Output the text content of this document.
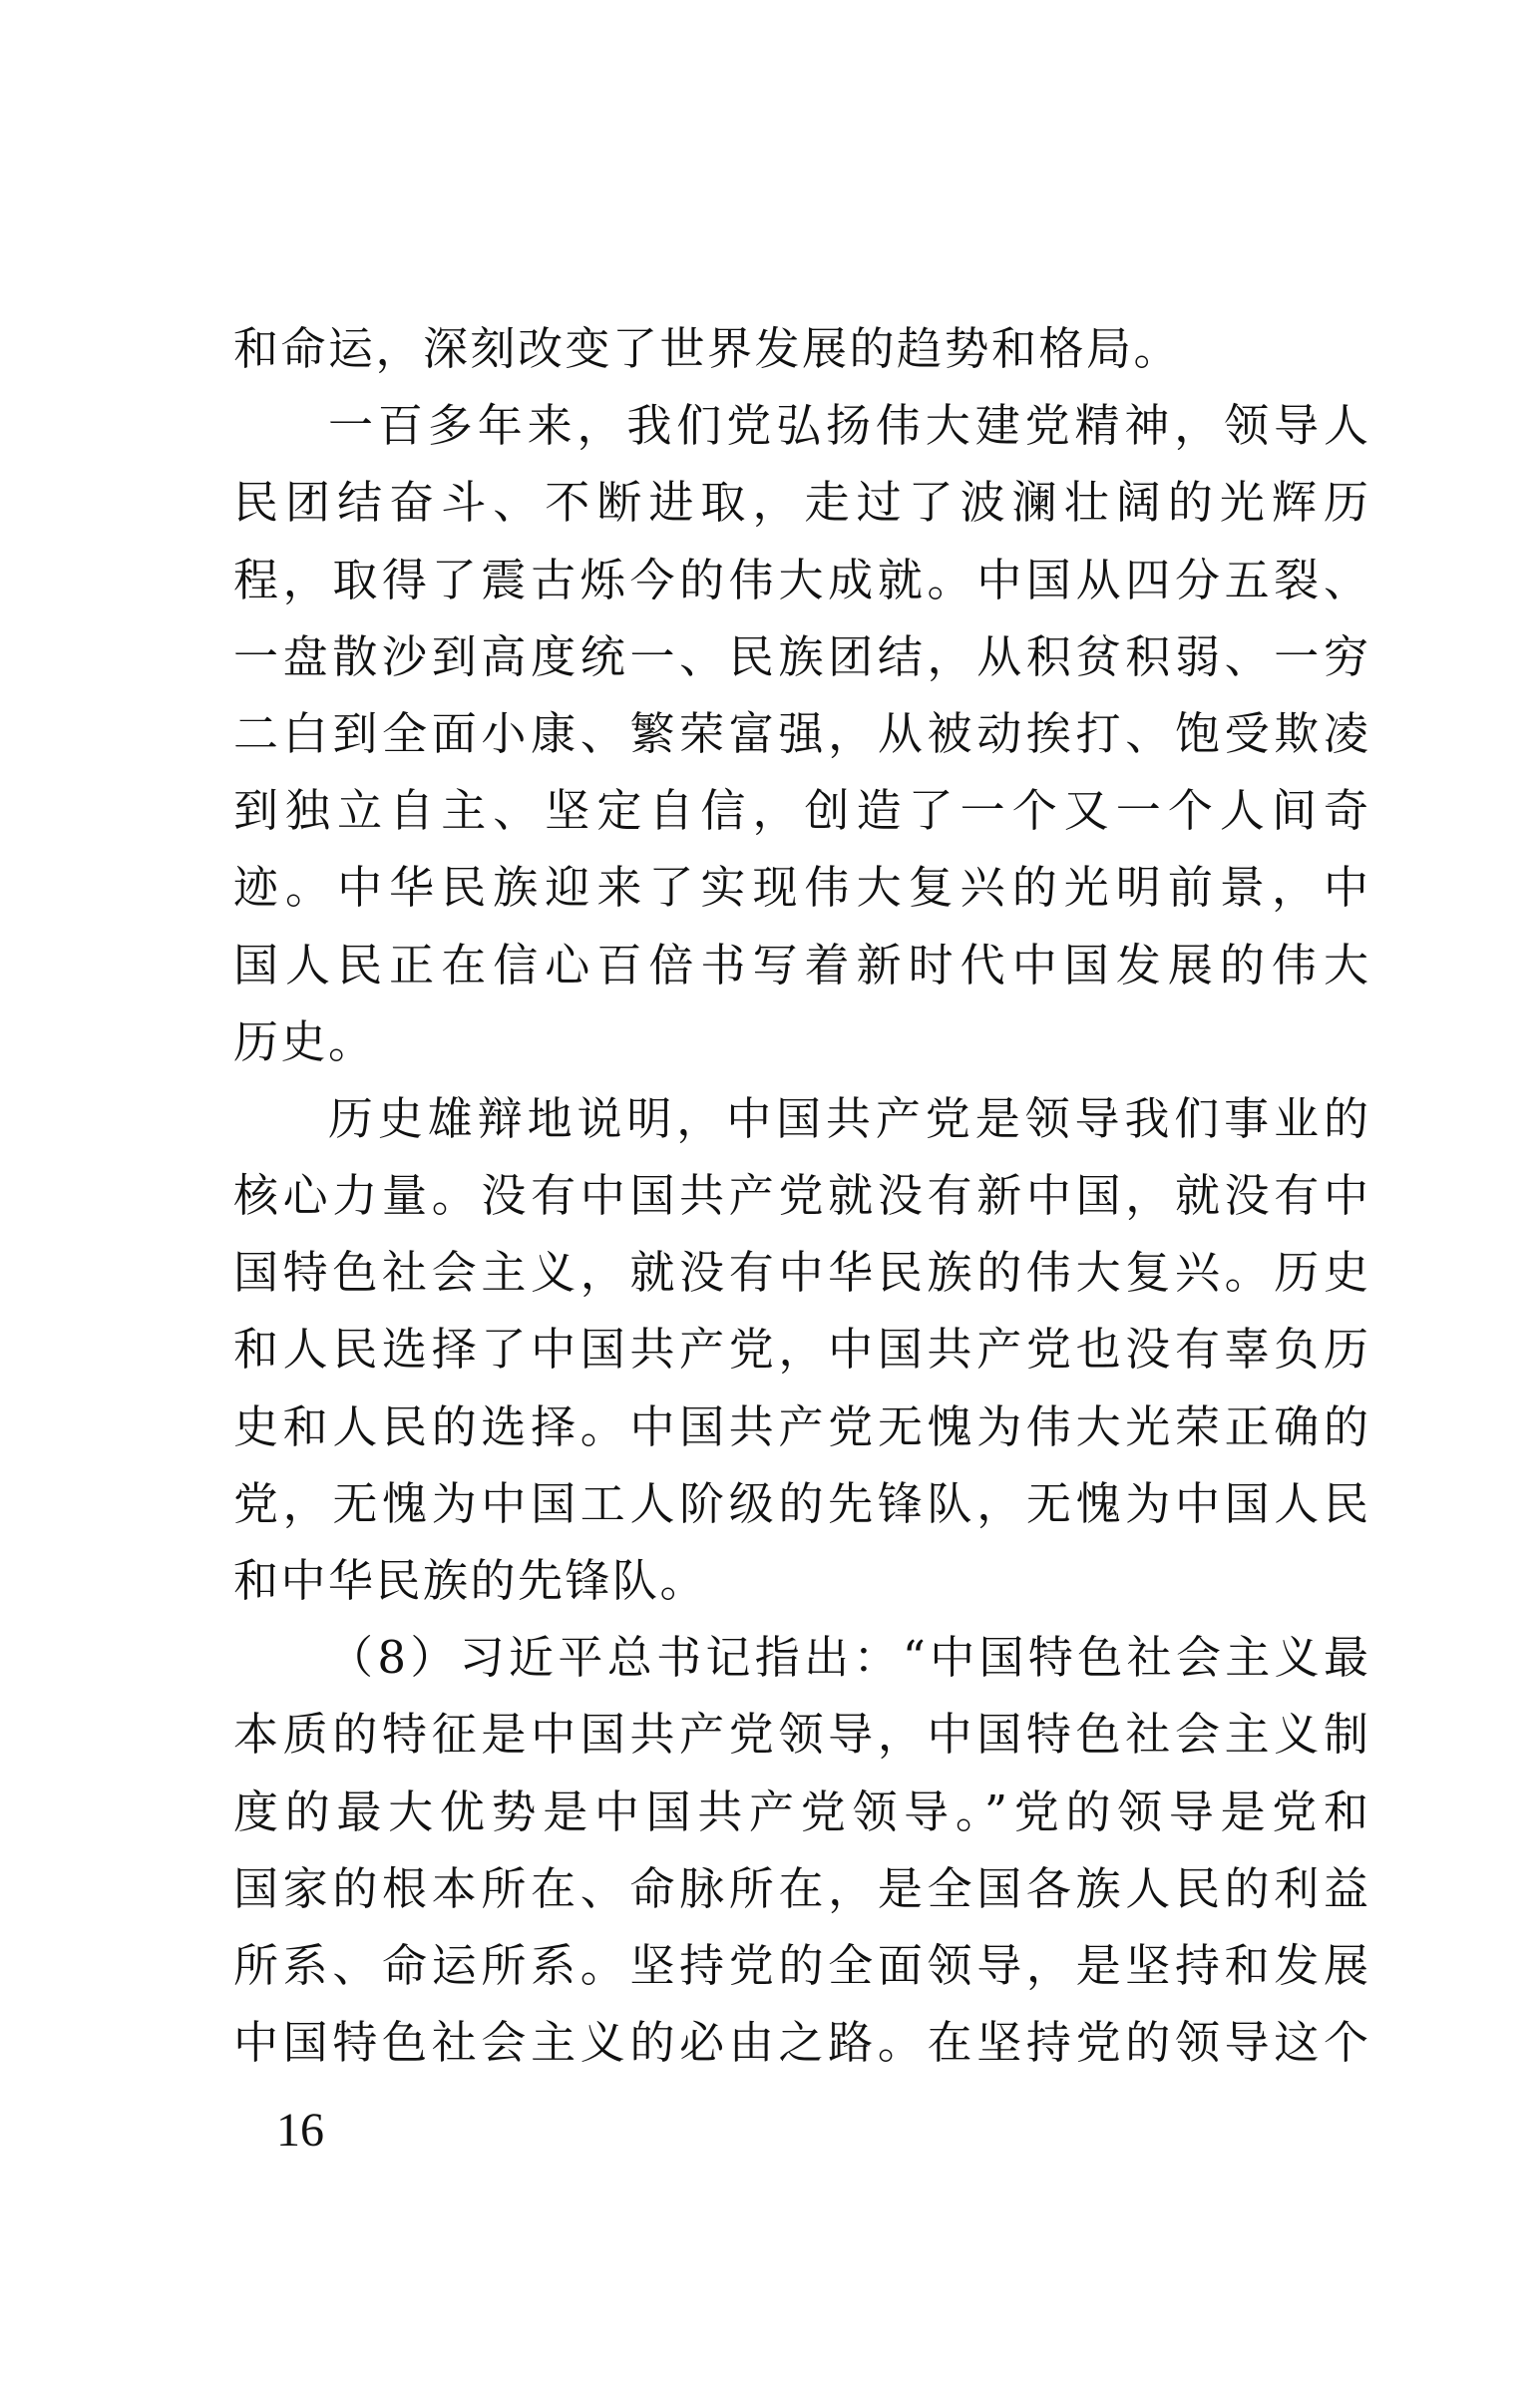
和命运，深刻改变了世界发展的趋势和格局。
一百多年来，我们党弘扬伟大建党精神，领导人
民团结奋斗、不断进取，走过了波澜壮阔的光辉历
程，取得了震古烁今的伟大成就。中国从四分五裂、
一盘散沙到高度统一、民族团结，从积贫积弱、一穷
二白到全面小康、繁荣富强，从被动挨打、饱受欺凌
到独立自主、坚定自信，创造了一个又一个人间奇
迹。中华民族迎来了实现伟大复兴的光明前景，中
国人民正在信心百倍书写着新时代中国发展的伟大
历史。
历史雄辩地说明，中国共产党是领导我们事业的
核心力量。没有中国共产党就没有新中国，就没有中
国特色社会主义，就没有中华民族的伟大复兴。历史
和人民选择了中国共产党，中国共产党也没有辜负历
史和人民的选择。中国共产党无愧为伟大光荣正确的
党，无愧为中国工人阶级的先锋队，无愧为中国人民
和中华民族的先锋队。
（8）习近平总书记指出：“中国特色社会主义最
本质的特征是中国共产党领导，中国特色社会主义制
度的最大优势是中国共产党领导。”党的领导是党和
国家的根本所在、命脉所在，是全国各族人民的利益
所系、命运所系。坚持党的全面领导，是坚持和发展
中国特色社会主义的必由之路。在坚持党的领导这个
16
